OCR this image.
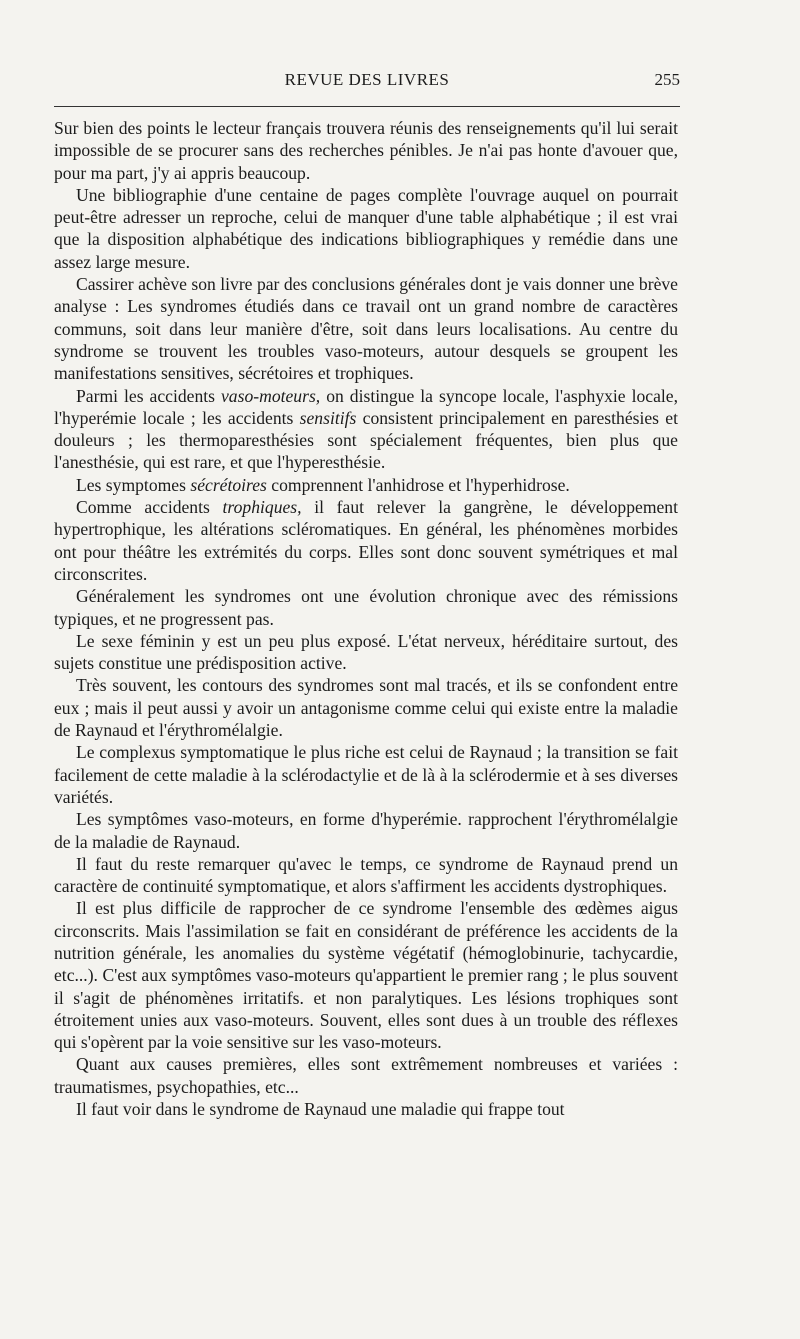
REVUE DES LIVRES	255

Sur bien des points le lecteur français trouvera réunis des renseignements qu'il lui serait impossible de se procurer sans des recherches pénibles. Je n'ai pas honte d'avouer que, pour ma part, j'y ai appris beaucoup.

Une bibliographie d'une centaine de pages complète l'ouvrage auquel on pourrait peut-être adresser un reproche, celui de manquer d'une table alphabétique ; il est vrai que la disposition alphabétique des indications bibliographiques y remédie dans une assez large mesure.

Cassirer achève son livre par des conclusions générales dont je vais donner une brève analyse : Les syndromes étudiés dans ce travail ont un grand nombre de caractères communs, soit dans leur manière d'être, soit dans leurs localisations. Au centre du syndrome se trouvent les troubles vaso-moteurs, autour desquels se groupent les manifestations sensitives, sécrétoires et trophiques.

Parmi les accidents vaso-moteurs, on distingue la syncope locale, l'asphyxie locale, l'hyperémie locale ; les accidents sensitifs consistent principalement en paresthésies et douleurs ; les thermoparesthésies sont spécialement fréquentes, bien plus que l'anesthésie, qui est rare, et que l'hyperesthésie.

Les symptomes sécrétoires comprennent l'anhidrose et l'hyperhidrose.

Comme accidents trophiques, il faut relever la gangrène, le développement hypertrophique, les altérations scléromatiques. En général, les phénomènes morbides ont pour théâtre les extrémités du corps. Elles sont donc souvent symétriques et mal circonscrites.

Généralement les syndromes ont une évolution chronique avec des rémissions typiques, et ne progressent pas.

Le sexe féminin y est un peu plus exposé. L'état nerveux, héréditaire surtout, des sujets constitue une prédisposition active.

Très souvent, les contours des syndromes sont mal tracés, et ils se confondent entre eux ; mais il peut aussi y avoir un antagonisme comme celui qui existe entre la maladie de Raynaud et l'érythromélalgie.

Le complexus symptomatique le plus riche est celui de Raynaud ; la transition se fait facilement de cette maladie à la sclérodactylie et de là à la sclérodermie et à ses diverses variétés.

Les symptômes vaso-moteurs, en forme d'hyperémie. rapprochent l'érythromélalgie de la maladie de Raynaud.

Il faut du reste remarquer qu'avec le temps, ce syndrome de Raynaud prend un caractère de continuité symptomatique, et alors s'affirment les accidents dystrophiques.

Il est plus difficile de rapprocher de ce syndrome l'ensemble des œdèmes aigus circonscrits. Mais l'assimilation se fait en considérant de préférence les accidents de la nutrition générale, les anomalies du système végétatif (hémoglobinurie, tachycardie, etc...). C'est aux symptômes vaso-moteurs qu'appartient le premier rang ; le plus souvent il s'agit de phénomènes irritatifs. et non paralytiques. Les lésions trophiques sont étroitement unies aux vaso-moteurs. Souvent, elles sont dues à un trouble des réflexes qui s'opèrent par la voie sensitive sur les vaso-moteurs.

Quant aux causes premières, elles sont extrêmement nombreuses et variées : traumatismes, psychopathies, etc...

Il faut voir dans le syndrome de Raynaud une maladie qui frappe tout
